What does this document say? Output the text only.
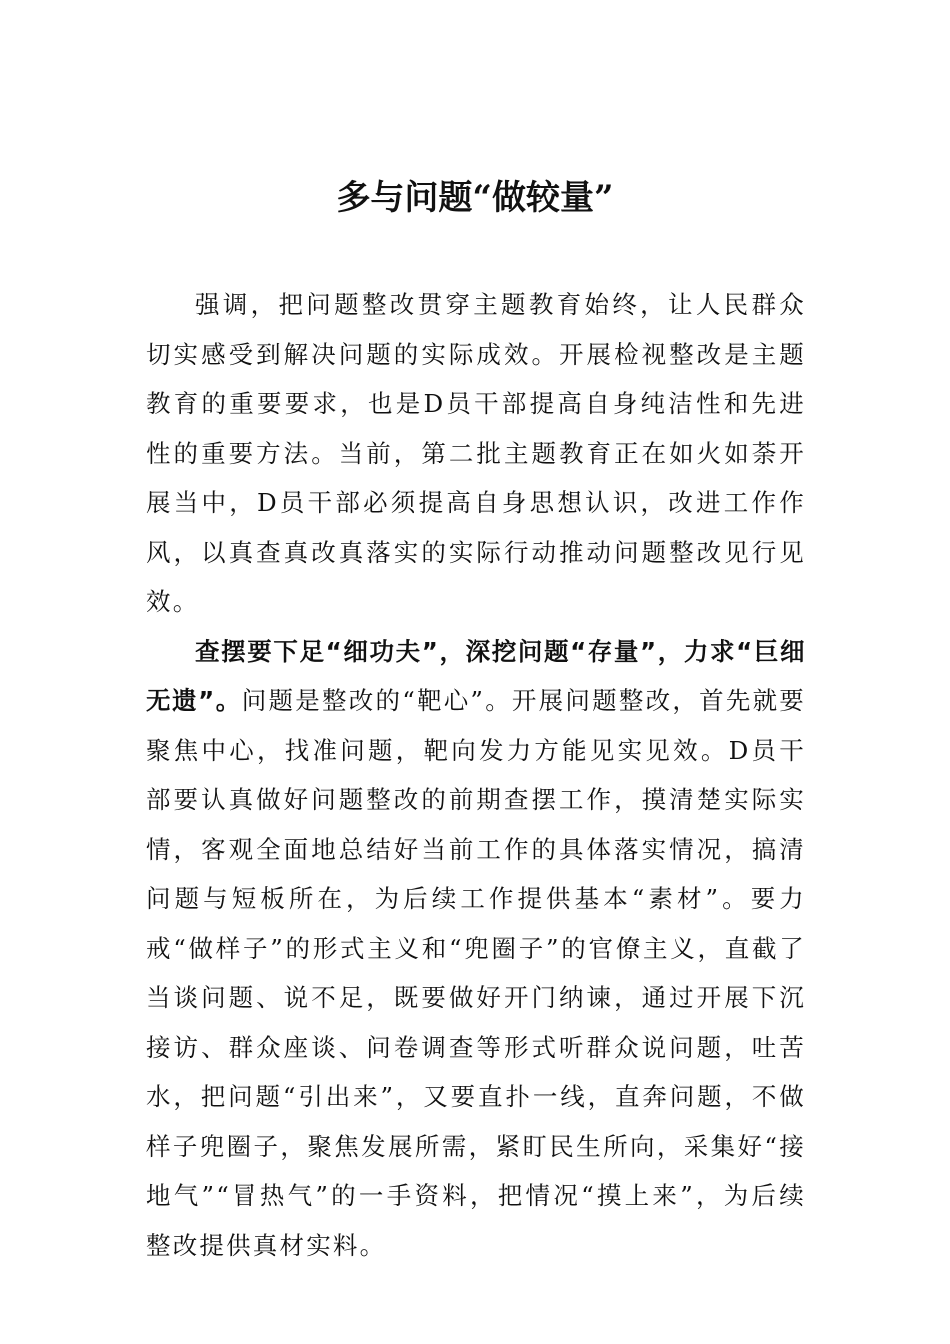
多与问题“做较量”

强调，把问题整改贯穿主题教育始终，让人民群众切实感受到解决问题的实际成效。开展检视整改是主题教育的重要要求，也是D员干部提高自身纯洁性和先进性的重要方法。当前，第二批主题教育正在如火如荼开展当中，D员干部必须提高自身思想认识，改进工作作风，以真查真改真落实的实际行动推动问题整改见行见效。

查摆要下足“细功夫”，深挖问题“存量”，力求“巨细无遗”。问题是整改的“靶心”。开展问题整改，首先就要聚焦中心，找准问题，靶向发力方能见实见效。D员干部要认真做好问题整改的前期查摆工作，摸清楚实际实情，客观全面地总结好当前工作的具体落实情况，搞清问题与短板所在，为后续工作提供基本“素材”。要力戒“做样子”的形式主义和“兜圈子”的官僚主义，直截了当谈问题、说不足，既要做好开门纳谏，通过开展下沉接访、群众座谈、问卷调查等形式听群众说问题，吐苦水，把问题“引出来”，又要直扑一线，直奔问题，不做样子兜圈子，聚焦发展所需，紧盯民生所向，采集好“接地气”“冒热气”的一手资料，把情况“摸上来”，为后续整改提供真材实料。
